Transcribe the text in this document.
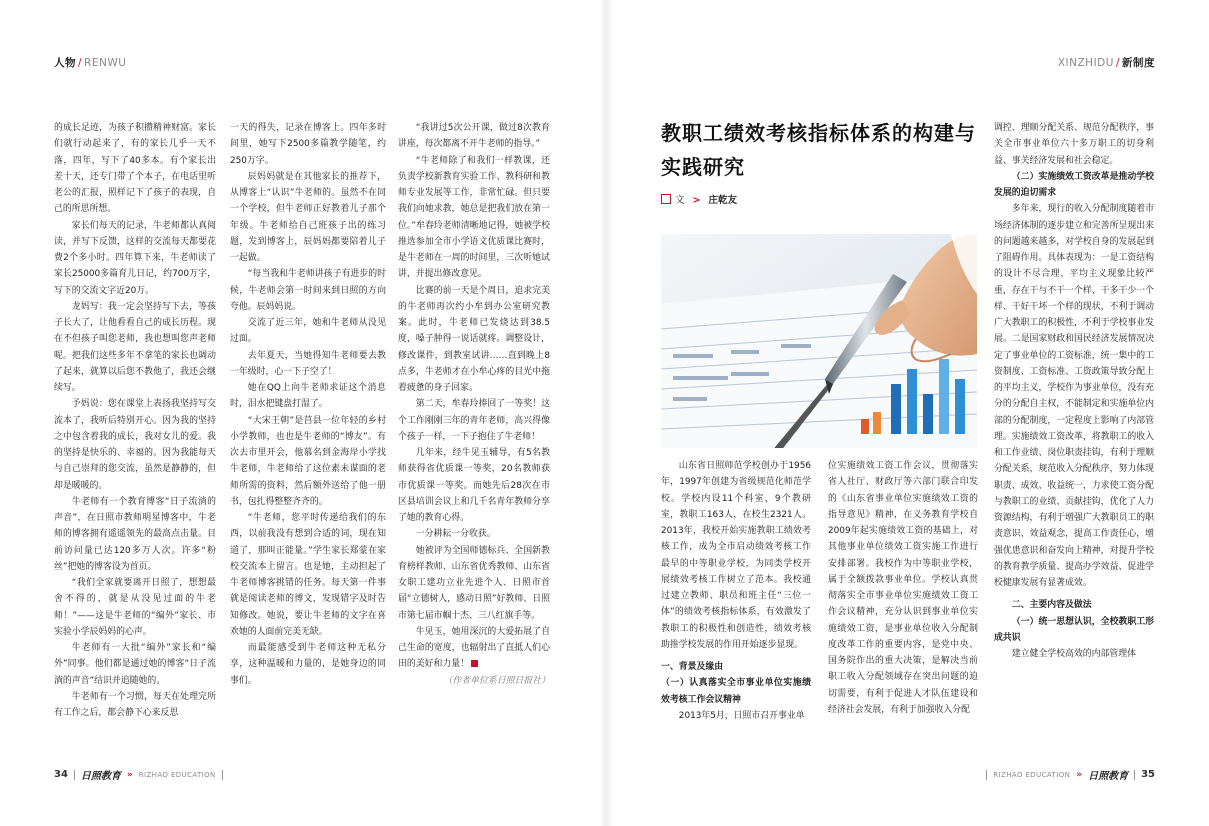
人物 / RENWU	XINZHIDU / 新制度

的成长足迹，为孩子积攒精神财富。家长们就行动起来了，有的家长几乎一天不落，四年，写下了40多本。有个家长出差十天，还专门带了个本子，在电话里听老公的汇报，照样记下了孩子的表现，自己的所思所想。

家长们每天的记录，牛老师都认真阅读，并写下反馈，这样的交流每天都要花费2个多小时。四年算下来，牛老师读了家长25000多篇育儿日记，约700万字，写下的交流文字近20万。

龙妈写：我一定会坚持写下去，等孩子长大了，让他看看自己的成长历程。现在不但孩子叫您老师，我也想叫您声老师呢。把我们这些多年不拿笔的家长也调动了起来，就算以后您不教他了，我还会继续写。

予妈说：您在课堂上表扬我坚持写交流本了，我听后特别开心。因为我的坚持之中包含着我的成长，我对女儿的爱。我的坚持是快乐的、幸福的。因为我能每天与自己崇拜的您交流，虽然是静静的，但却是暖暖的。

牛老师有一个教育博客“日子流淌的声音”，在日照市教师明星博客中，牛老师的博客拥有遥遥领先的最高点击量。目前访问量已达120多万人次。许多“粉丝”把她的博客设为首页。

“我们全家就要离开日照了，想想最舍不得的，就是从没见过面的牛老师！”——这是牛老师的“编外”家长、市实验小学辰妈妈的心声。

牛老师有一大批“编外”家长和“编外”同事。他们都是通过她的博客“日子流淌的声音”结识并追随她的。

牛老师有一个习惯，每天在处理完所有工作之后，都会静下心来反思

一天的得失，记录在博客上。四年多时间里，她写下2500多篇教学随笔，约250万字。

辰妈妈就是在其他家长的推荐下，从博客上“认识”牛老师的。虽然不在同一个学校，但牛老师正好教着儿子那个年级。牛老师给自己班孩子出的练习题，发到博客上，辰妈妈都要陪着儿子一起做。

“每当我和牛老师讲孩子有进步的时候，牛老师会第一时间来到日照的方向夸他。辰妈妈说。

交流了近三年，她和牛老师从没见过面。

去年夏天，当她得知牛老师要去教一年级时，心一下子空了！

她在QQ上向牛老师求证这个消息时，泪水把键盘打湿了。

“大宋王朝”是莒县一位年轻的乡村小学教师，也也是牛老师的“博友”。有次去市里开会，他慕名到金海岸小学找牛老师，牛老师给了这位素未谋面的老师所需的资料，然后额外送给了他一册书，包扎得整整齐齐的。

“牛老师，您平时传递给我们的东西，以前我没有想到合适的词，现在知道了，那叫正能量。”学生家长郑蒙在家校交流本上留言。也是她，主动担起了牛老师博客挑错的任务。每天第一件事就是阅读老师的博文，发现错字及时告知修改。她说，要让牛老师的文字在喜欢她的人面前完美无缺。

而最能感受到牛老师这种无私分享，这种温暖和力量的，是她身边的同事们。

“我讲过5次公开课，做过8次教育讲座，每次都离不开牛老师的指导。”

“牛老师除了和我们一样教课，还负责学校新教育实验工作、教科研和教师专业发展等工作，非常忙碌。但只要我们向她求教，她总是把我们放在第一位。”牟春玲老师清晰地记得，她被学校推选参加全市小学语文优质课比赛时，是牛老师在一周的时间里，三次听她试讲，并提出修改意见。

比赛的前一天是个周日，追求完美的牛老师再次约小牟到办公室研究教案。此时，牛老师已发烧达到38.5度，嗓子肿得一说话就疼。调整设计，修改课件，到教室试讲……直到晚上8点多，牛老师才在小牟心疼的目光中拖着疲惫的身子回家。

第二天，牟春玲捧回了一等奖！这个工作刚刚三年的青年老师，高兴得像个孩子一样，一下子抱住了牛老师！

几年来，经牛见玉辅导，有5名教师获得省优质课一等奖，20名教师获市优质课一等奖。而她先后28次在市区县培训会议上和几千名青年教师分享了她的教育心得。

一分耕耘一分收获。

她被评为全国师德标兵、全国新教育榜样教师、山东省优秀教师、山东省女职工建功立业先进个人、日照市首届“立德树人，感动日照”好教师、日照市第七届市帼十杰、三八红旗手等。

牛见玉，她用深沉的大爱拓展了自己生命的宽度，也辐射出了直抵人们心田的美好和力量！

（作者单位系日照日报社）

教职工绩效考核指标体系的构建与实践研究
文 > 庄乾友

山东省日照师范学校创办于1956年，1997年创建为省级规范化师范学校。学校内设11个科室，9个教研室，教职工163人，在校生2321人。2013年，我校开始实施教职工绩效考核工作，成为全市启动绩效考核工作最早的中等职业学校，为同类学校开展绩效考核工作树立了范本。我校通过建立教师、职员和班主任“三位一体”的绩效考核指标体系，有效激发了教职工的积极性和创造性，绩效考核助推学校发展的作用开始逐步显现。

一、背景及缘由

（一）认真落实全市事业单位实施绩效考核工作会议精神

2013年5月，日照市召开事业单

位实施绩效工资工作会议，贯彻落实省人社厅、财政厅等六部门联合印发的《山东省事业单位实施绩效工资的指导意见》精神，在义务教育学校自2009年起实施绩效工资的基础上，对其他事业单位绩效工资实施工作进行安排部署。我校作为中等职业学校，属于全额拨款事业单位。学校认真贯彻落实全市事业单位实施绩效工资工作会议精神，充分认识到事业单位实施绩效工资，是事业单位收入分配制度改革工作的重要内容，是党中央、国务院作出的重大决策，是解决当前职工收入分配领域存在突出问题的迫切需要，有利于促进人才队伍建设和经济社会发展，有利于加强收入分配

调控、理顺分配关系、规范分配秩序，事关全市事业单位六十多万职工的切身利益、事关经济发展和社会稳定。

（二）实施绩效工资改革是推动学校发展的迫切需求

多年来，现行的收入分配制度随着市场经济体制的逐步建立和完善所呈现出来的问题越来越多，对学校自身的发展起到了阻碍作用。具体表现为：一是工资结构的设计不尽合理、平均主义现象比较严重，存在干与不干一个样、干多干少一个样、干好干坏一个样的现状，不利于调动广大教职工的积极性，不利于学校事业发展。二是国家财政和国民经济发展情况决定了事业单位的工资标准，统一集中的工资制度、工资标准、工资政策导致分配上的平均主义，学校作为事业单位，没有充分的分配自主权，不能制定和实施单位内部的分配制度，一定程度上影响了内部管理。实施绩效工资改革，将教职工的收入和工作业绩、岗位职责挂钩，有利于理顺分配关系，规范收入分配秩序，努力体现职责、成效、收益统一，力求使工资分配与教职工的业绩、贡献挂钩，优化了人力资源结构，有利于增强广大教职员工的职责意识、效益观念，提高工作责任心，增强优患意识和奋发向上精神，对提升学校的教育教学质量、提高办学效益、促进学校健康发展有显著成效。

二、主要内容及做法

（一）统一思想认识，全校教职工形成共识

建立健全学校高效的内部管理体

34 日照教育 » RIZHAO EDUCATION	RIZHAO EDUCATION » 日照教育 35
